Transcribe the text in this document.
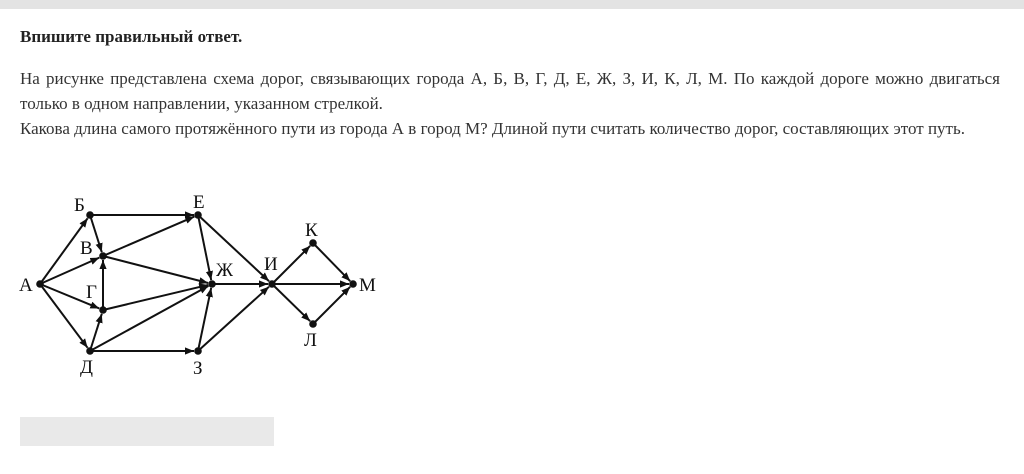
Впишите правильный ответ.

На рисунке представлена схема дорог, связывающих города А, Б, В, Г, Д, Е, Ж, З, И, К, Л, М. По каждой дороге можно двигаться только в одном направлении, указанном стрелкой.

Какова длина самого протяжённого пути из города А в город М? Длиной пути считать количество дорог, составляющих этот путь.

А
Б
В
Г
Д
Е
Ж
З
И
К
Л
М
